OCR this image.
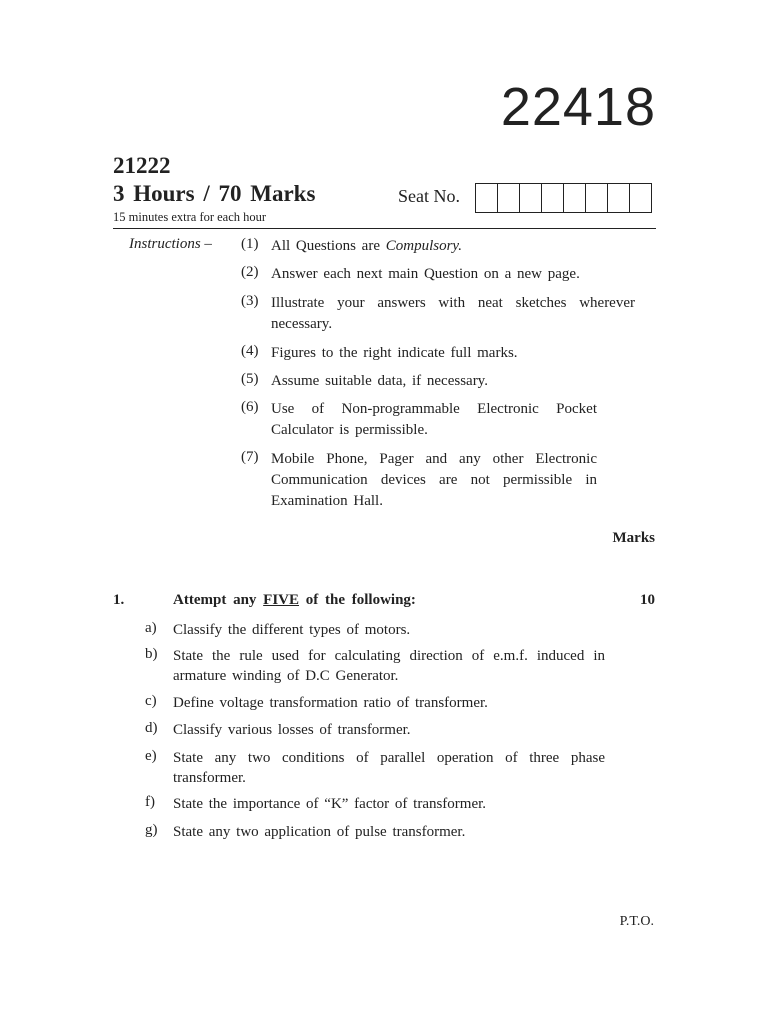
22418
21222
3 Hours / 70 Marks
15 minutes extra for each hour
Seat No.
Instructions – (1) All Questions are Compulsory.
(2) Answer each next main Question on a new page.
(3) Illustrate your answers with neat sketches wherever necessary.
(4) Figures to the right indicate full marks.
(5) Assume suitable data, if necessary.
(6) Use of Non-programmable Electronic Pocket Calculator is permissible.
(7) Mobile Phone, Pager and any other Electronic Communication devices are not permissible in Examination Hall.
Marks
1.	Attempt any FIVE of the following:	10
a) Classify the different types of motors.
b) State the rule used for calculating direction of e.m.f. induced in armature winding of D.C Generator.
c) Define voltage transformation ratio of transformer.
d) Classify various losses of transformer.
e) State any two conditions of parallel operation of three phase transformer.
f) State the importance of “K” factor of transformer.
g) State any two application of pulse transformer.
P.T.O.
